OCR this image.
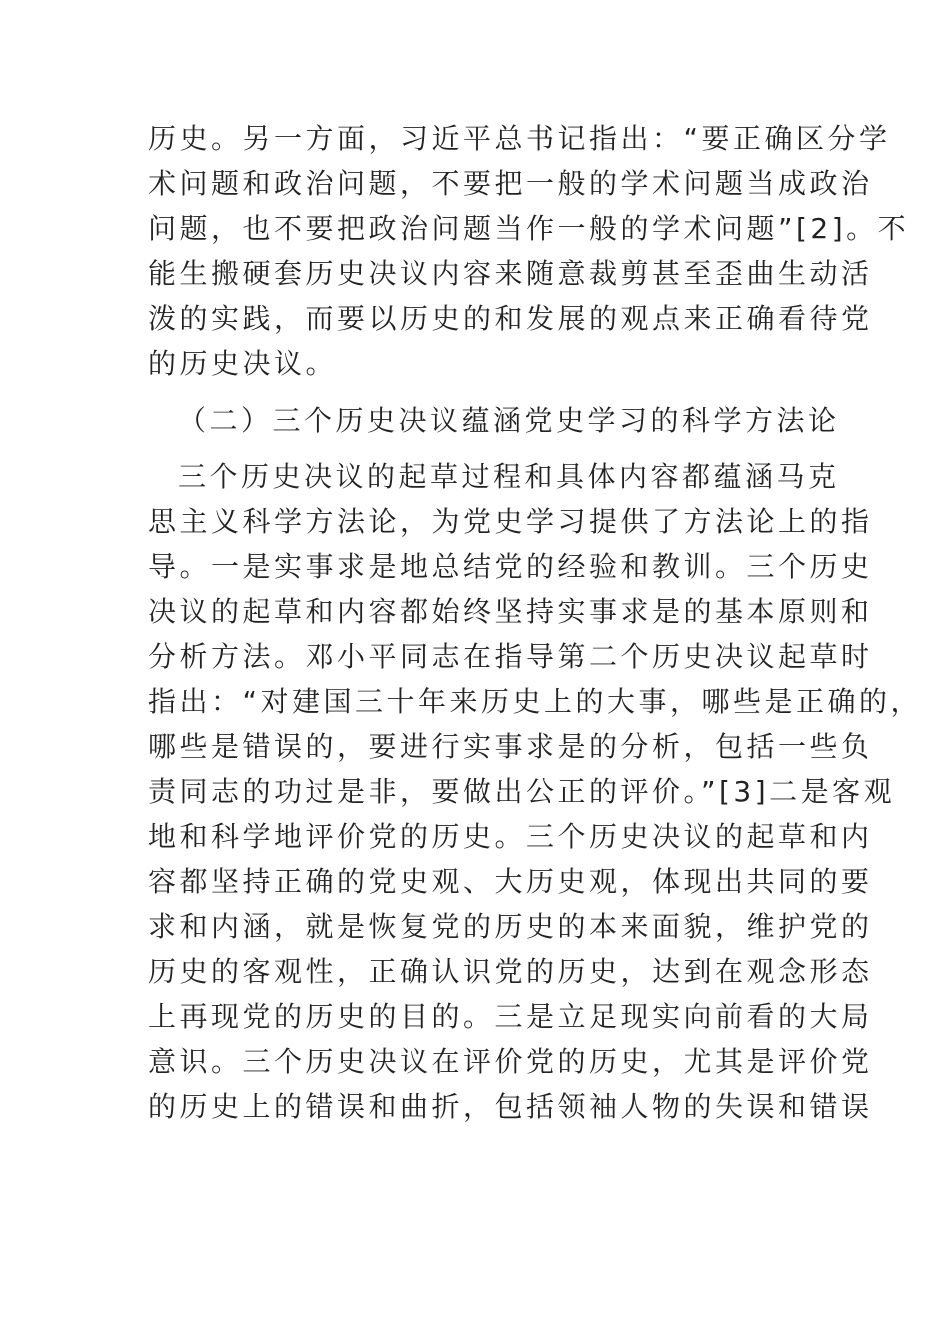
历史。另一方面，习近平总书记指出：“要正确区分学

术问题和政治问题，不要把一般的学术问题当成政治

问题，也不要把政治问题当作一般的学术问题”[2]。不

能生搬硬套历史决议内容来随意裁剪甚至歪曲生动活

泼的实践，而要以历史的和发展的观点来正确看待党

的历史决议。

（二）三个历史决议蕴涵党史学习的科学方法论

三个历史决议的起草过程和具体内容都蕴涵马克

思主义科学方法论，为党史学习提供了方法论上的指

导。一是实事求是地总结党的经验和教训。三个历史

决议的起草和内容都始终坚持实事求是的基本原则和

分析方法。邓小平同志在指导第二个历史决议起草时

指出：“对建国三十年来历史上的大事，哪些是正确的，

哪些是错误的，要进行实事求是的分析，包括一些负

责同志的功过是非，要做出公正的评价。”[3]二是客观

地和科学地评价党的历史。三个历史决议的起草和内

容都坚持正确的党史观、大历史观，体现出共同的要

求和内涵，就是恢复党的历史的本来面貌，维护党的

历史的客观性，正确认识党的历史，达到在观念形态

上再现党的历史的目的。三是立足现实向前看的大局

意识。三个历史决议在评价党的历史，尤其是评价党

的历史上的错误和曲折，包括领袖人物的失误和错误
